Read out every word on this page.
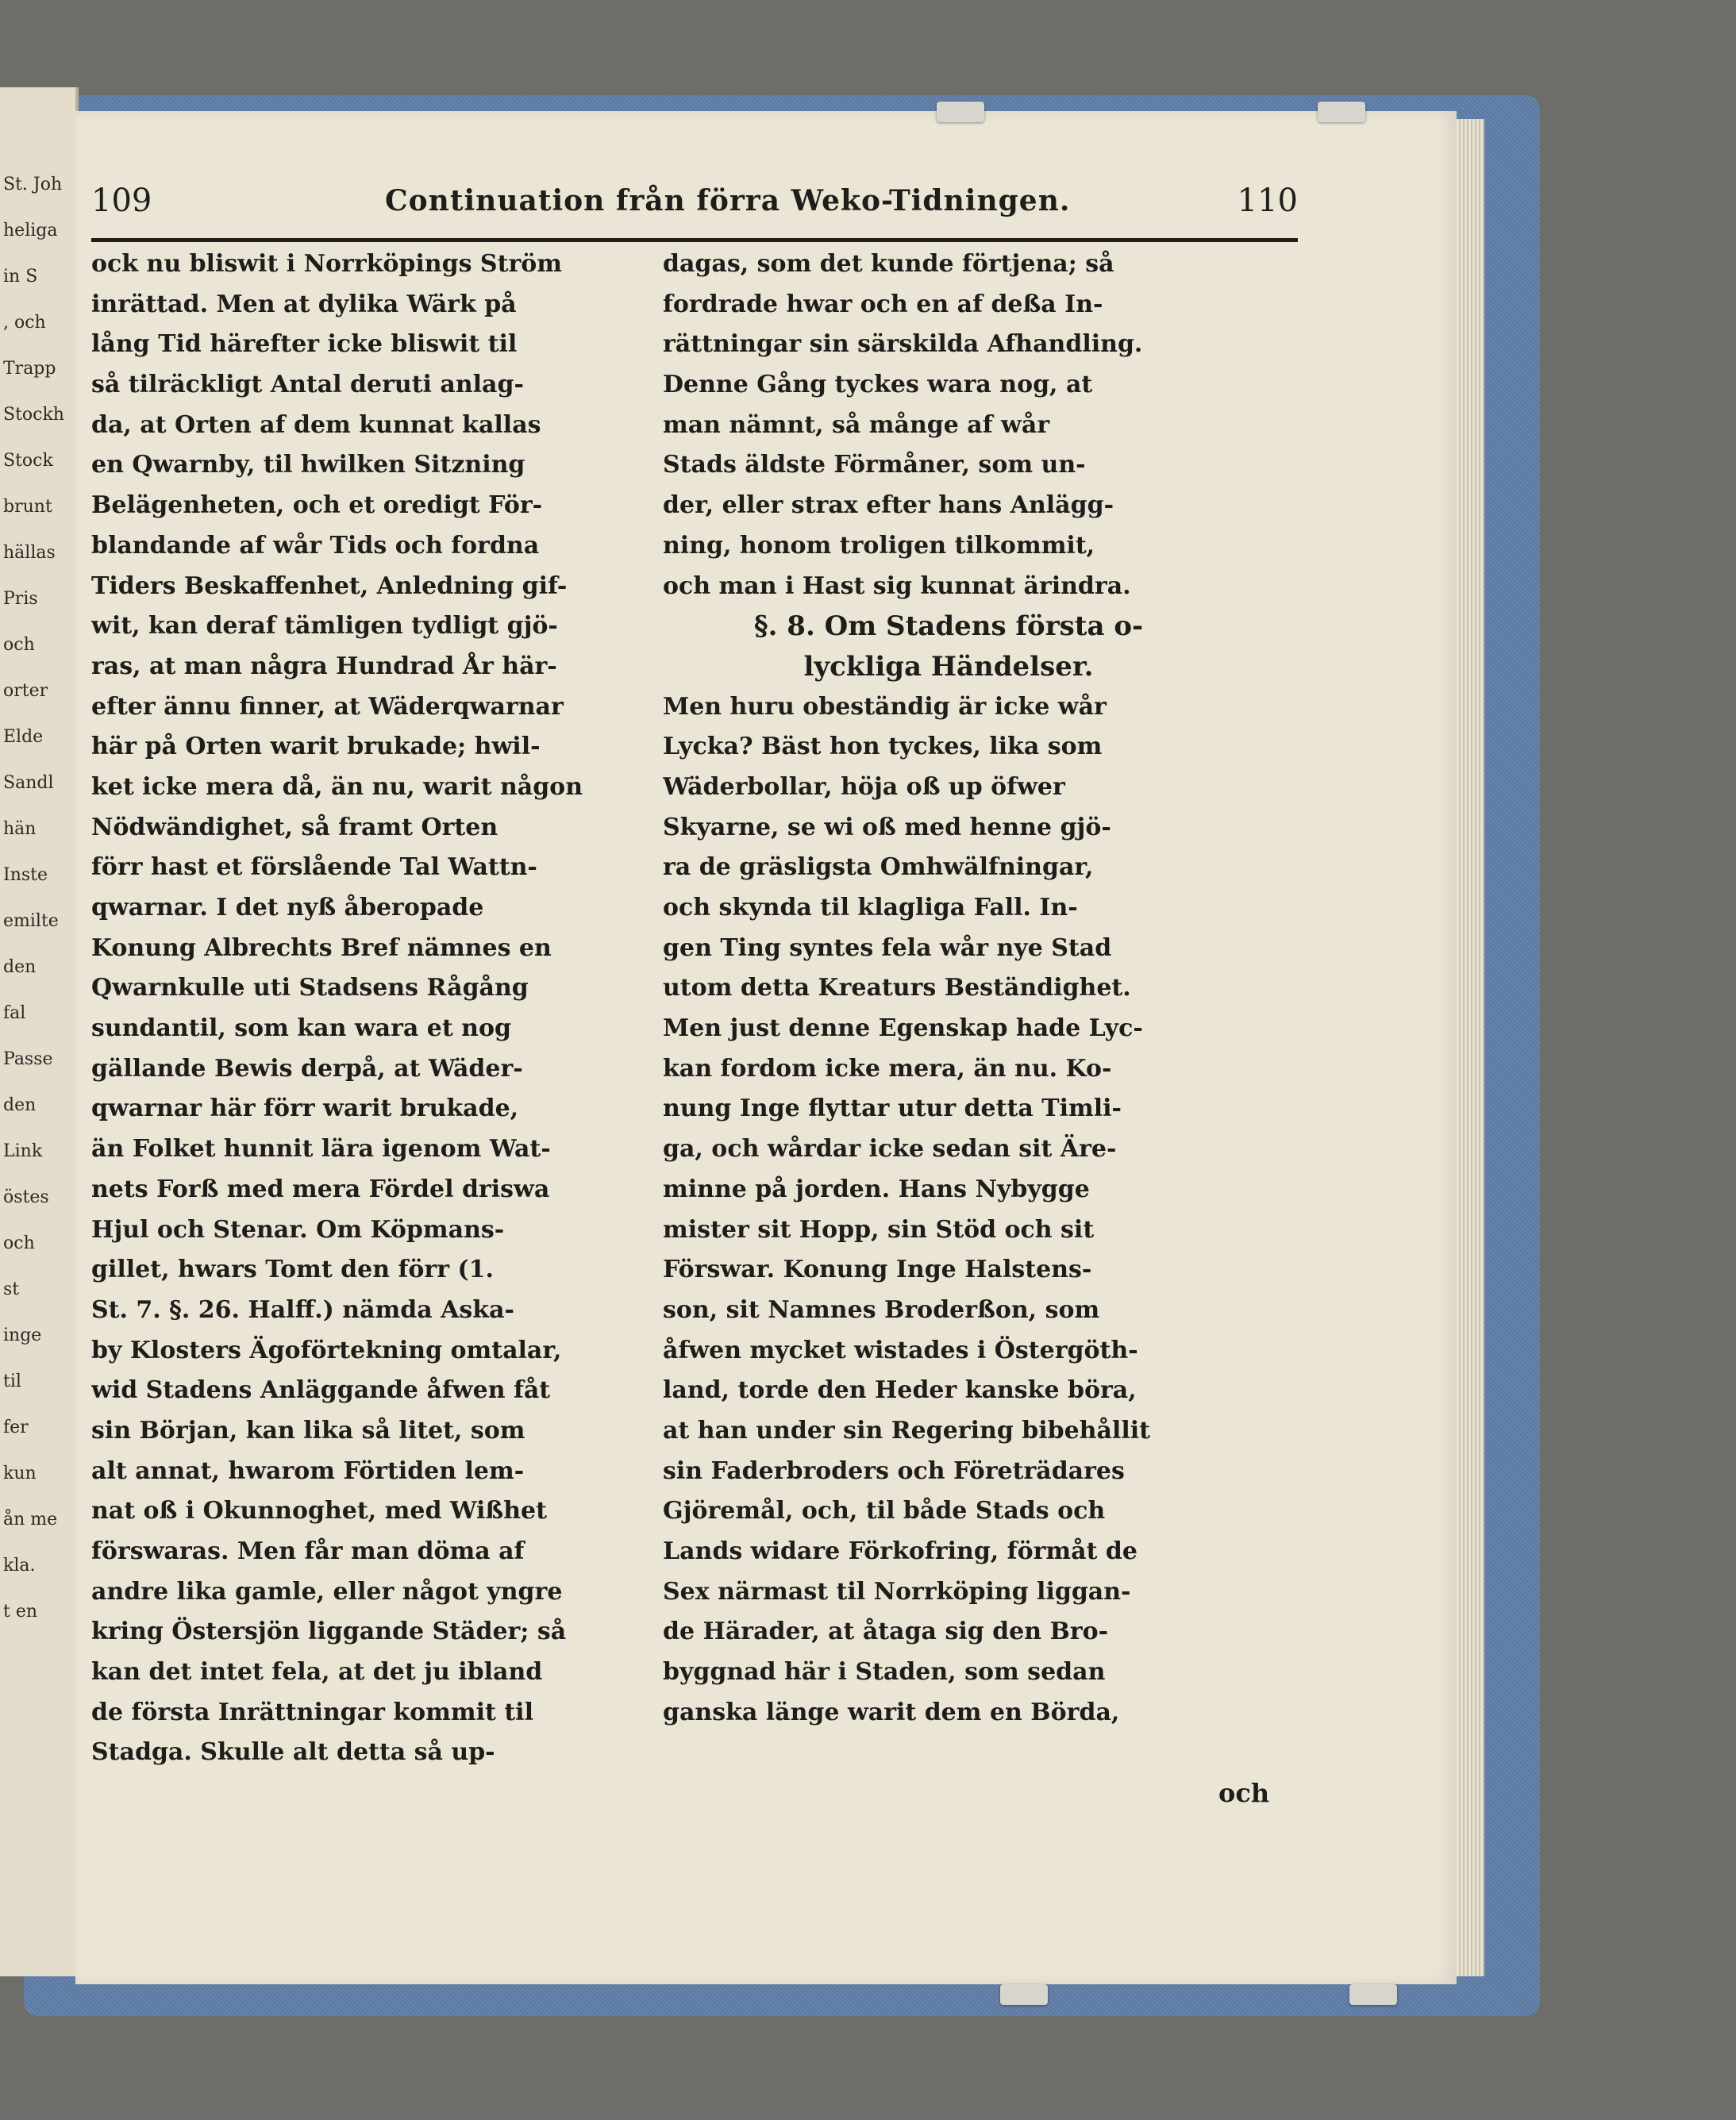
St. Joh
heliga
in S
, och
Trapp
Stockh
Stock
brunt
hällas
Pris
och
orter
Elde
Sandl
hän
Inste
emilte
den
fal
Passe
den
Link
östes
och
st
inge
til
fer
kun
ån me
kla.
t en
109	Continuation från förra Weko-Tidningen.	110
ock nu bliswit i Norrköpings Ström
inrättad. Men at dylika Wärk på
lång Tid härefter icke bliswit til
så tilräckligt Antal deruti anlag-
da, at Orten af dem kunnat kallas
en Qwarnby, til hwilken Sitzning
Belägenheten, och et oredigt För-
blandande af wår Tids och fordna
Tiders Beskaffenhet, Anledning gif-
wit, kan deraf tämligen tydligt gjö-
ras, at man några Hundrad År här-
efter ännu finner, at Wäderqwarnar
här på Orten warit brukade; hwil-
ket icke mera då, än nu, warit någon
Nödwändighet, så framt Orten
förr hast et förslående Tal Wattn-
qwarnar. I det nyß åberopade
Konung Albrechts Bref nämnes en
Qwarnkulle uti Stadsens Rågång
sundantil, som kan wara et nog
gällande Bewis derpå, at Wäder-
qwarnar här förr warit brukade,
än Folket hunnit lära igenom Wat-
nets Forß med mera Fördel driswa
Hjul och Stenar. Om Köpmans-
gillet, hwars Tomt den förr (1.
St. 7. §. 26. Halff.) nämda Aska-
by Klosters Ägoförtekning omtalar,
wid Stadens Anläggande åfwen fåt
sin Början, kan lika så litet, som
alt annat, hwarom Förtiden lem-
nat oß i Okunnoghet, med Wißhet
förswaras. Men får man döma af
andre lika gamle, eller något yngre
kring Östersjön liggande Städer; så
kan det intet fela, at det ju ibland
de första Inrättningar kommit til
Stadga. Skulle alt detta så up-
dagas, som det kunde förtjena; så
fordrade hwar och en af deßa In-
rättningar sin särskilda Afhandling.
Denne Gång tyckes wara nog, at
man nämnt, så månge af wår
Stads äldste Förmåner, som un-
der, eller strax efter hans Anlägg-
ning, honom troligen tilkommit,
och man i Hast sig kunnat ärindra.
§. 8. Om Stadens första o-
lyckliga Händelser.
Men huru obeständig är icke wår
Lycka? Bäst hon tyckes, lika som
Wäderbollar, höja oß up öfwer
Skyarne, se wi oß med henne gjö-
ra de gräsligsta Omhwälfningar,
och skynda til klagliga Fall. In-
gen Ting syntes fela wår nye Stad
utom detta Kreaturs Beständighet.
Men just denne Egenskap hade Lyc-
kan fordom icke mera, än nu. Ko-
nung Inge flyttar utur detta Timli-
ga, och wårdar icke sedan sit Äre-
minne på jorden. Hans Nybygge
mister sit Hopp, sin Stöd och sit
Förswar. Konung Inge Halstens-
son, sit Namnes Broderßon, som
åfwen mycket wistades i Östergöth-
land, torde den Heder kanske böra,
at han under sin Regering bibehållit
sin Faderbroders och Företrädares
Gjöremål, och, til både Stads och
Lands widare Förkofring, förmåt de
Sex närmast til Norrköping liggan-
de Härader, at åtaga sig den Bro-
byggnad här i Staden, som sedan
ganska länge warit dem en Börda,
och
